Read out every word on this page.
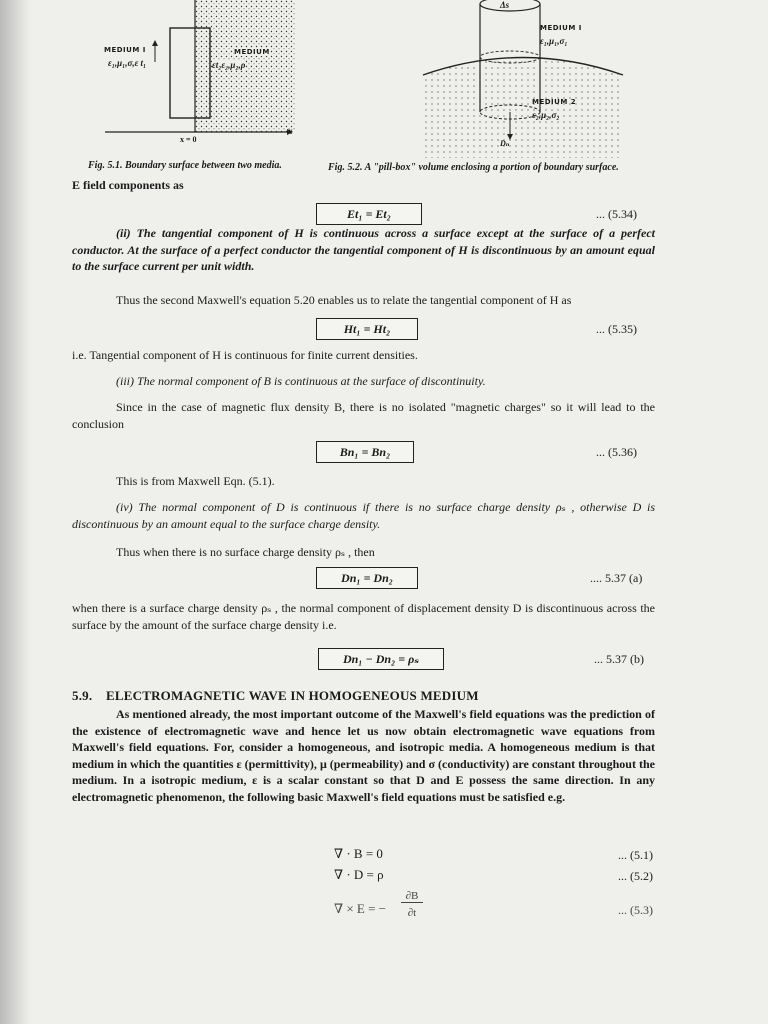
MEDIUM I
ε₁,μ₁,σ,ε t₁
MEDIUM
εt₂ε₂,μ₂,ρ
x = 0
x
Fig. 5.1. Boundary surface between two media.
Δs
MEDIUM I
ε₁,μ₁,σ₁
MEDIUM 2
ε₂,μ₂,σ₂
Dₙ
Fig. 5.2. A "pill-box" volume enclosing a portion of boundary surface.
E field components as
Et₁ = Et₂	... (5.34)
(ii) The tangential component of H is continuous across a surface except at the surface of a perfect conductor. At the surface of a perfect conductor the tangential component of H is discontinuous by an amount equal to the surface current per unit width.
Thus the second Maxwell's equation 5.20 enables us to relate the tangential component of H as
Ht₁ = Ht₂	... (5.35)
i.e. Tangential component of H is continuous for finite current densities.
(iii) The normal component of B is continuous at the surface of discontinuity.
Since in the case of magnetic flux density B, there is no isolated "magnetic charges" so it will lead to the conclusion
Bn₁ = Bn₂	... (5.36)
This is from Maxwell Eqn. (5.1).
(iv) The normal component of D is continuous if there is no surface charge density ρₛ , otherwise D is discontinuous by an amount equal to the surface charge density.
Thus when there is no surface charge density ρₛ , then
Dn₁ = Dn₂	.... 5.37 (a)
when there is a surface charge density ρₛ , the normal component of displacement density D is discontinuous across the surface by the amount of the surface charge density i.e.
Dn₁ − Dn₂ = ρₛ	... 5.37 (b)
5.9. ELECTROMAGNETIC WAVE IN HOMOGENEOUS MEDIUM
As mentioned already, the most important outcome of the Maxwell's field equations was the prediction of the existence of electromagnetic wave and hence let us now obtain electromagnetic wave equations from Maxwell's field equations. For, consider a homogeneous, and isotropic media. A homogeneous medium is that medium in which the quantities ε (permittivity), μ (permeability) and σ (conductivity) are constant throughout the medium. In a isotropic medium, ε is a scalar constant so that D and E possess the same direction. In any electromagnetic phenomenon, the following basic Maxwell's field equations must be satisfied e.g.
∇ · B = 0	... (5.1)
∇ · D = ρ	... (5.2)
∇ × E = −
∂B
∂t	... (5.3)
